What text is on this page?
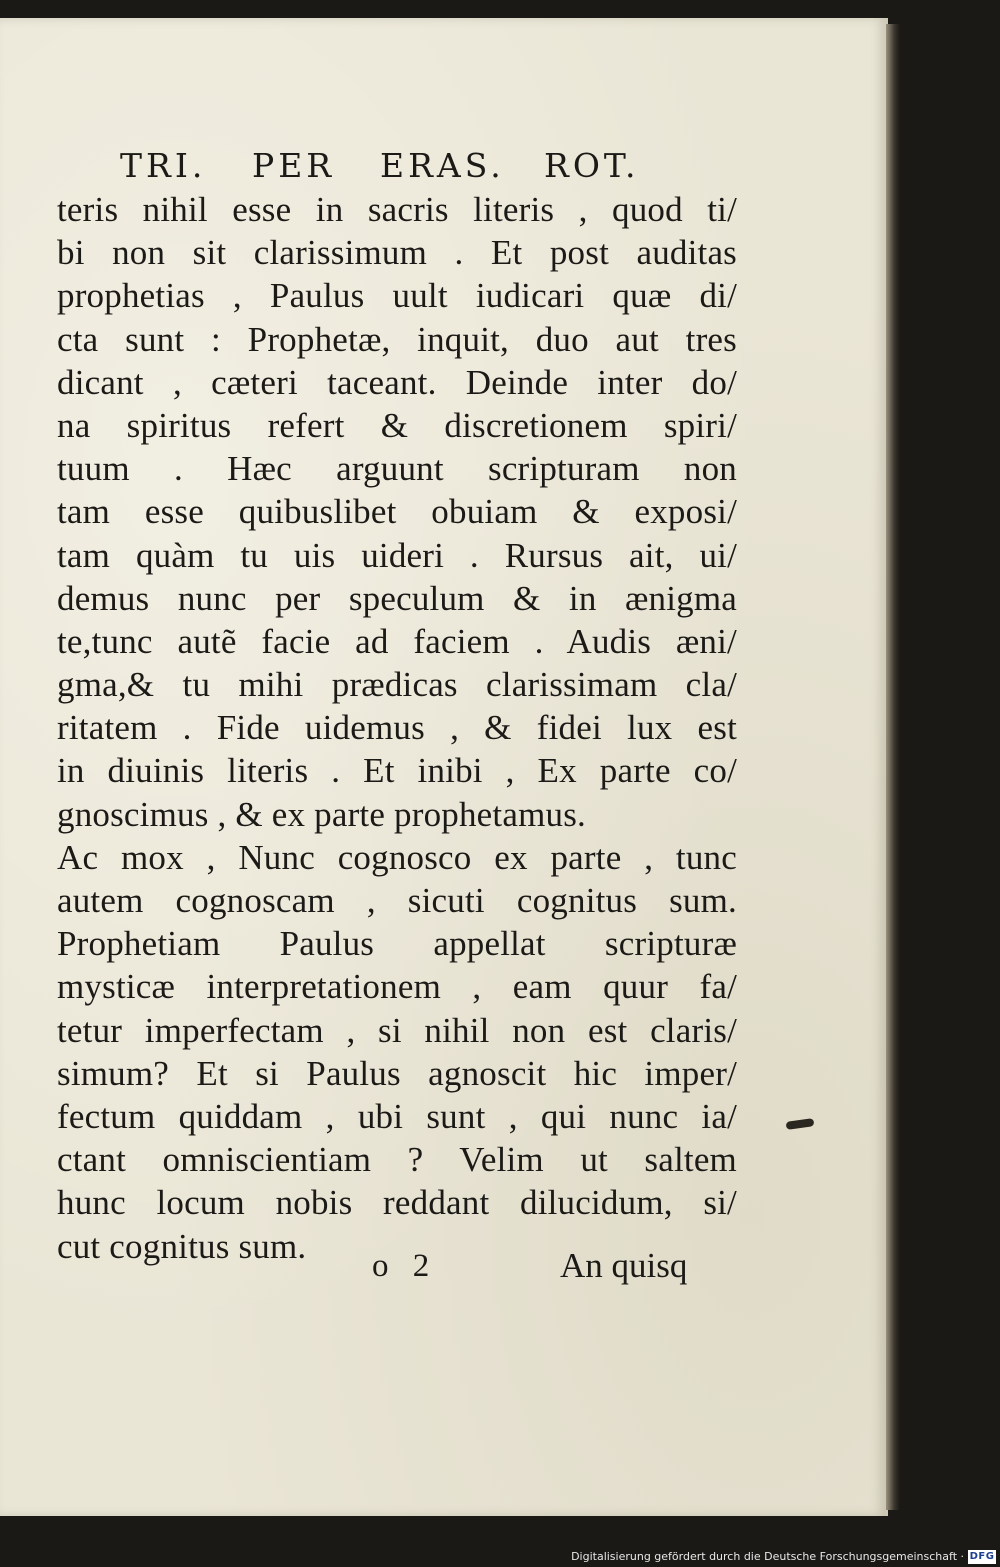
TRI. PER ERAS. ROT.
teris nihil esse in sacris literis , quod ti/
bi non sit clarissimum . Et post auditas
prophetias , Paulus uult iudicari quæ di/
cta sunt : Prophetæ, inquit, duo aut tres
dicant , cæteri taceant. Deinde inter do/
na spiritus refert & discretionem spiri/
tuum . Hæc arguunt scripturam non
tam esse quibuslibet obuiam & exposi/
tam quàm tu uis uideri . Rursus ait, ui/
demus nunc per speculum & in ænigma
te,tunc autẽ facie ad faciem . Audis æni/
gma,& tu mihi prædicas clarissimam cla/
ritatem . Fide uidemus , & fidei lux est
in diuinis literis . Et inibi , Ex parte co/
gnoscimus , & ex parte prophetamus.
Ac mox , Nunc cognosco ex parte , tunc
autem cognoscam , sicuti cognitus sum.
Prophetiam Paulus appellat scripturæ
mysticæ interpretationem , eam quur fa/
tetur imperfectam , si nihil non est claris/
simum? Et si Paulus agnoscit hic imper/
fectum quiddam , ubi sunt , qui nunc ia/
ctant omniscientiam ? Velim ut saltem
hunc locum nobis reddant dilucidum, si/
cut cognitus sum.
o 2	An quisq
Digitalisierung gefördert durch die Deutsche Forschungsgemeinschaft · DFG
